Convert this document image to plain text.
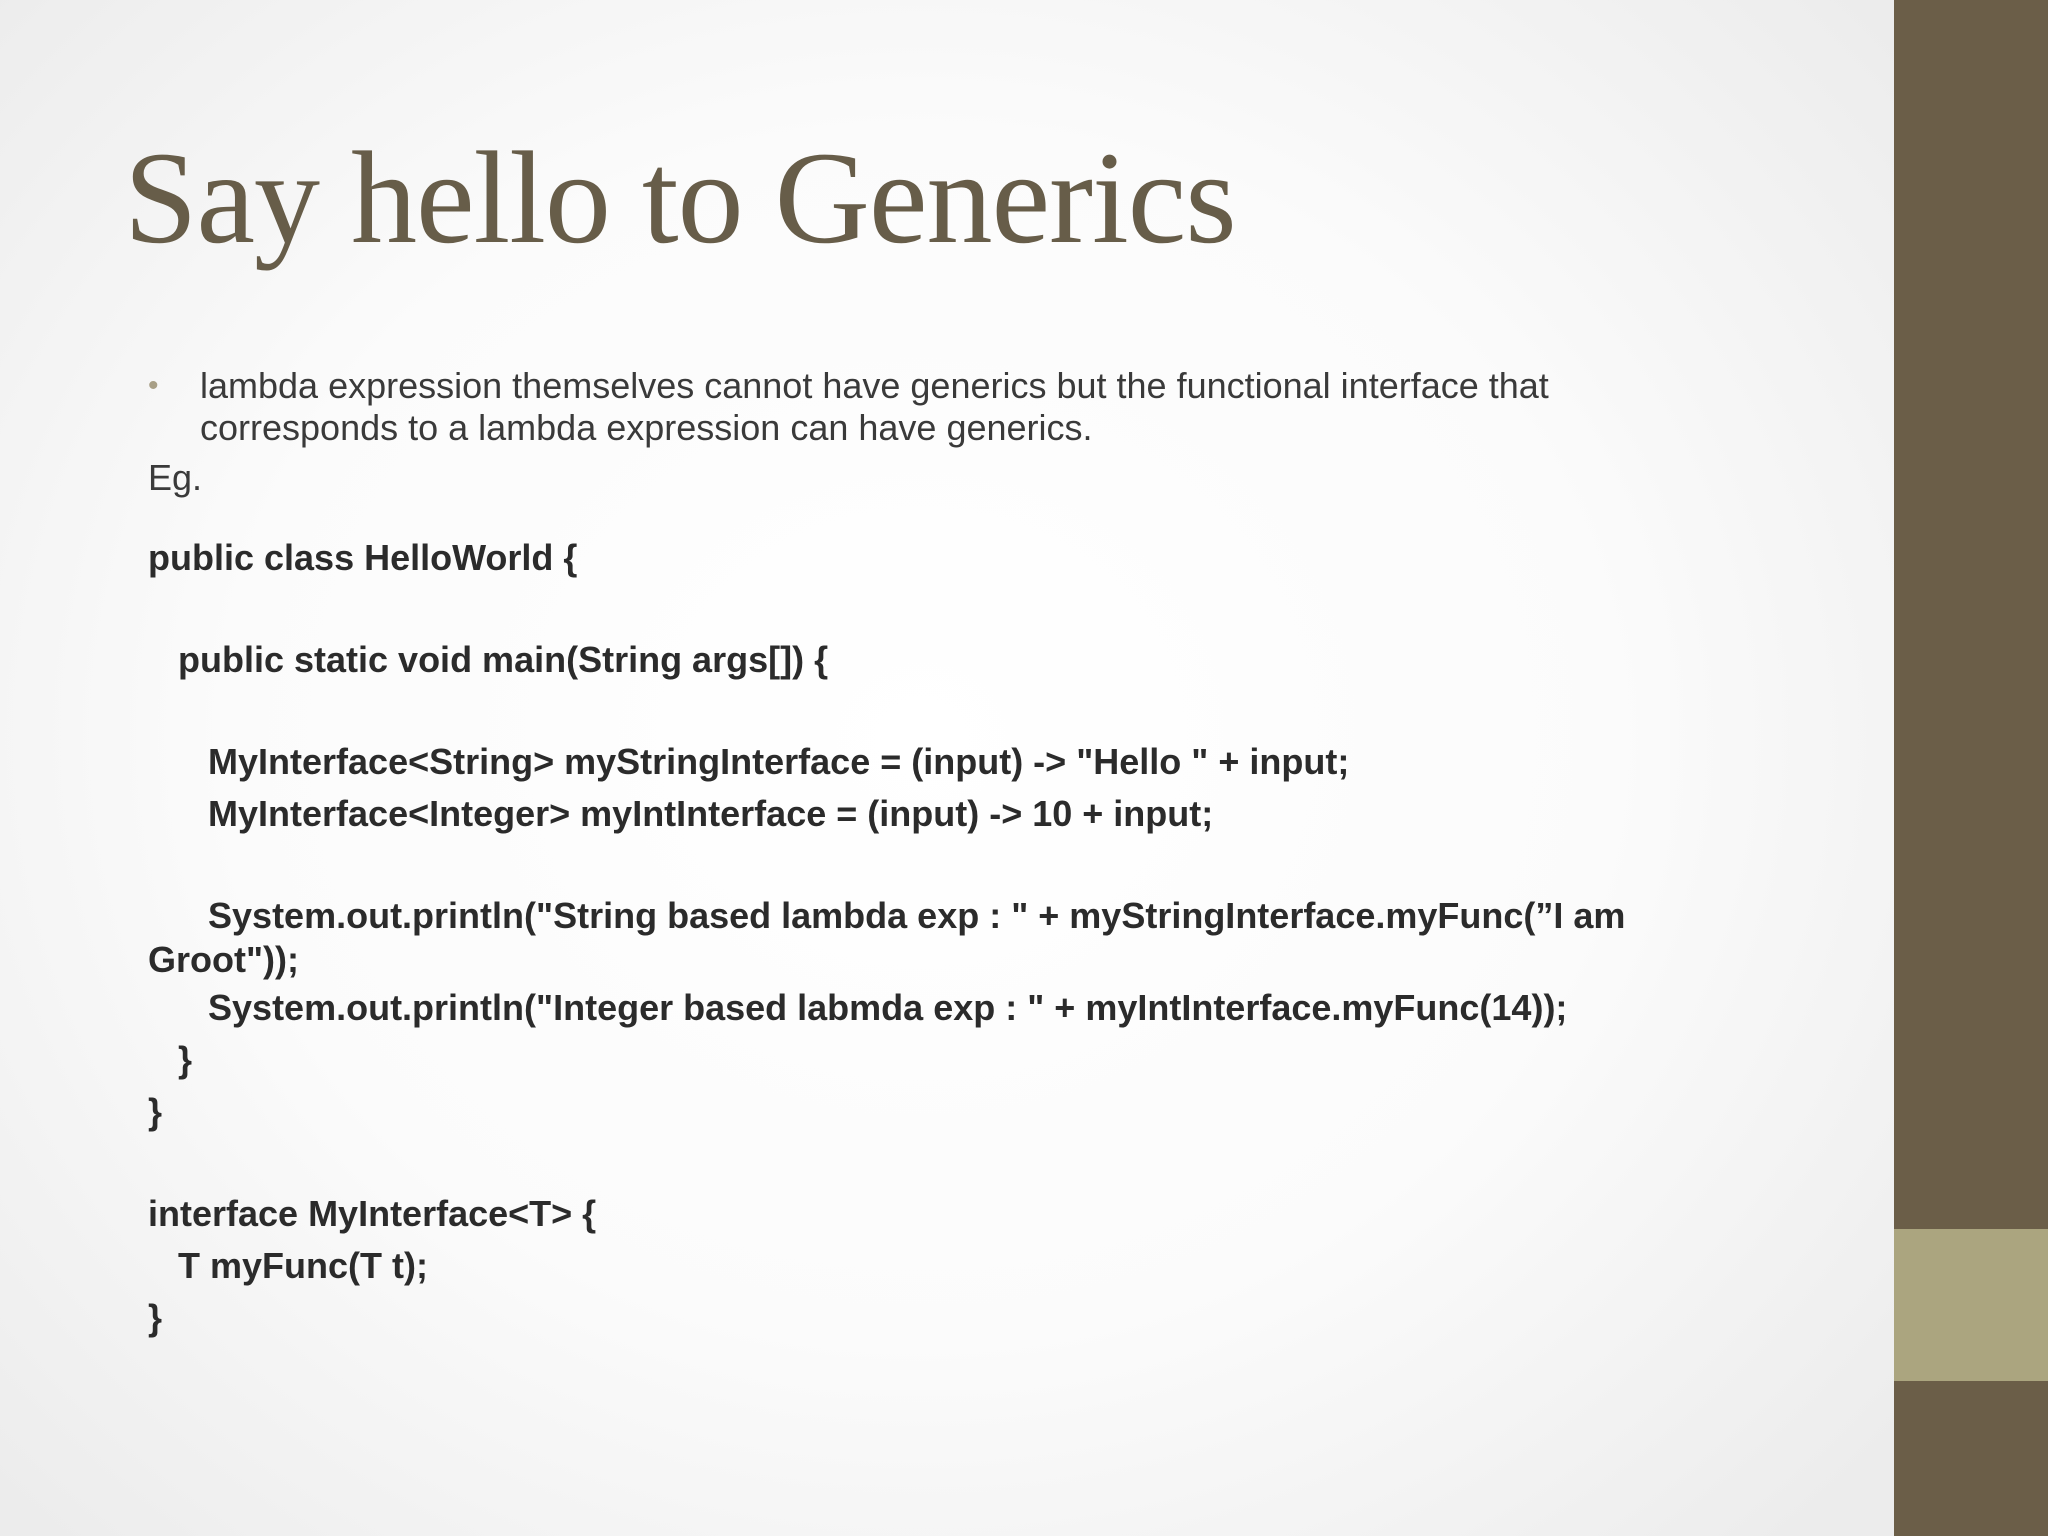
Say hello to Generics
•	lambda expression themselves cannot have generics but the functional interface that
corresponds to a lambda expression can have generics.
Eg.
public class HelloWorld {
public static void main(String args[]) {
MyInterface<String> myStringInterface = (input) -> "Hello " + input;
MyInterface<Integer> myIntInterface = (input) -> 10 + input;
System.out.println("String based lambda exp : " + myStringInterface.myFunc(”I am
Groot"));
System.out.println("Integer based labmda exp : " + myIntInterface.myFunc(14));
}
}
interface MyInterface<T> {
T myFunc(T t);
}
